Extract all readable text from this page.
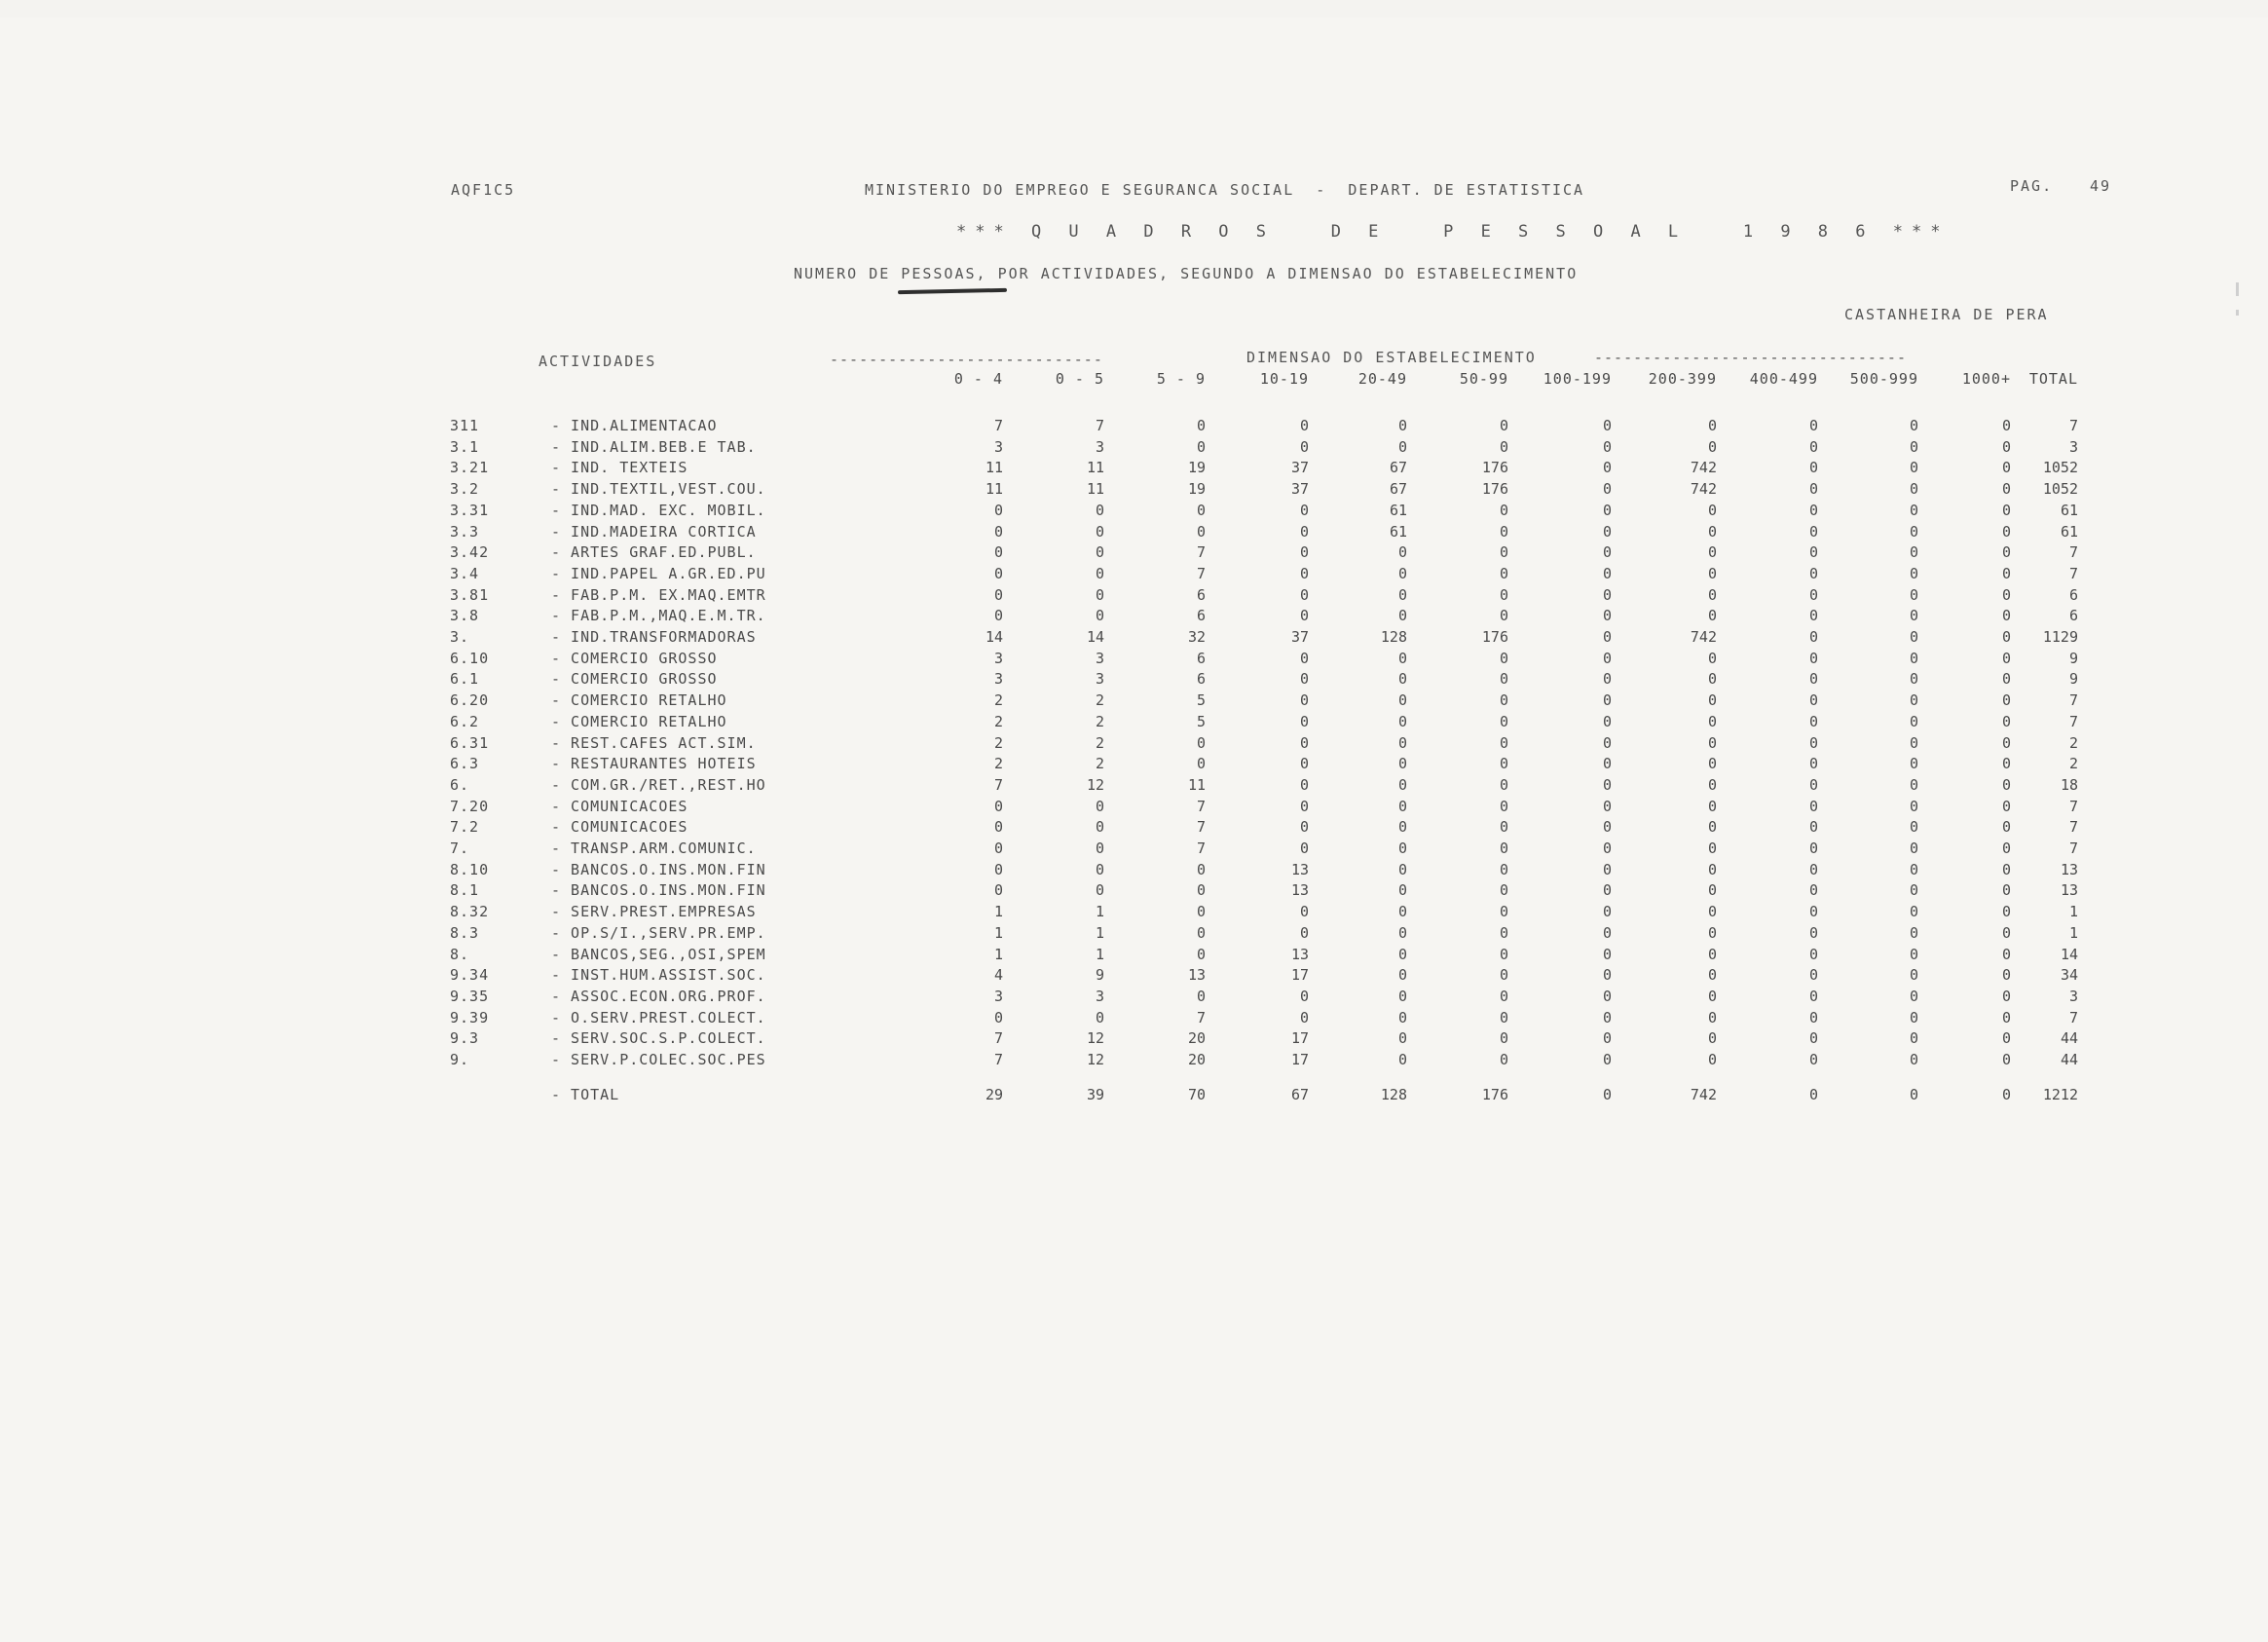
AQF1C5	MINISTERIO DO EMPREGO E SEGURANCA SOCIAL  -  DEPART. DE ESTATISTICA	PAG.	49
*** Q U A D R O S   D E   P E S S O A L   1 9 8 6 ***
NUMERO DE PESSOAS, POR ACTIVIDADES, SEGUNDO A DIMENSAO DO ESTABELECIMENTO
CASTANHEIRA DE PERA
ACTIVIDADES	----------------------------	DIMENSAO DO ESTABELECIMENTO	--------------------------------
0 - 4	0 - 5	5 - 9	10-19	20-49	50-99	100-199	200-399	400-499	500-999	1000+	TOTAL
311	- IND.ALIMENTACAO	7	7	0	0	0	0	0	0	0	0	0	7
3.1	- IND.ALIM.BEB.E TAB.	3	3	0	0	0	0	0	0	0	0	0	3
3.21	- IND. TEXTEIS	11	11	19	37	67	176	0	742	0	0	0	1052
3.2	- IND.TEXTIL,VEST.COU.	11	11	19	37	67	176	0	742	0	0	0	1052
3.31	- IND.MAD. EXC. MOBIL.	0	0	0	0	61	0	0	0	0	0	0	61
3.3	- IND.MADEIRA CORTICA	0	0	0	0	61	0	0	0	0	0	0	61
3.42	- ARTES GRAF.ED.PUBL.	0	0	7	0	0	0	0	0	0	0	0	7
3.4	- IND.PAPEL A.GR.ED.PU	0	0	7	0	0	0	0	0	0	0	0	7
3.81	- FAB.P.M. EX.MAQ.EMTR	0	0	6	0	0	0	0	0	0	0	0	6
3.8	- FAB.P.M.,MAQ.E.M.TR.	0	0	6	0	0	0	0	0	0	0	0	6
3.	- IND.TRANSFORMADORAS	14	14	32	37	128	176	0	742	0	0	0	1129
6.10	- COMERCIO GROSSO	3	3	6	0	0	0	0	0	0	0	0	9
6.1	- COMERCIO GROSSO	3	3	6	0	0	0	0	0	0	0	0	9
6.20	- COMERCIO RETALHO	2	2	5	0	0	0	0	0	0	0	0	7
6.2	- COMERCIO RETALHO	2	2	5	0	0	0	0	0	0	0	0	7
6.31	- REST.CAFES ACT.SIM.	2	2	0	0	0	0	0	0	0	0	0	2
6.3	- RESTAURANTES HOTEIS	2	2	0	0	0	0	0	0	0	0	0	2
6.	- COM.GR./RET.,REST.HO	7	12	11	0	0	0	0	0	0	0	0	18
7.20	- COMUNICACOES	0	0	7	0	0	0	0	0	0	0	0	7
7.2	- COMUNICACOES	0	0	7	0	0	0	0	0	0	0	0	7
7.	- TRANSP.ARM.COMUNIC.	0	0	7	0	0	0	0	0	0	0	0	7
8.10	- BANCOS.O.INS.MON.FIN	0	0	0	13	0	0	0	0	0	0	0	13
8.1	- BANCOS.O.INS.MON.FIN	0	0	0	13	0	0	0	0	0	0	0	13
8.32	- SERV.PREST.EMPRESAS	1	1	0	0	0	0	0	0	0	0	0	1
8.3	- OP.S/I.,SERV.PR.EMP.	1	1	0	0	0	0	0	0	0	0	0	1
8.	- BANCOS,SEG.,OSI,SPEM	1	1	0	13	0	0	0	0	0	0	0	14
9.34	- INST.HUM.ASSIST.SOC.	4	9	13	17	0	0	0	0	0	0	0	34
9.35	- ASSOC.ECON.ORG.PROF.	3	3	0	0	0	0	0	0	0	0	0	3
9.39	- O.SERV.PREST.COLECT.	0	0	7	0	0	0	0	0	0	0	0	7
9.3	- SERV.SOC.S.P.COLECT.	7	12	20	17	0	0	0	0	0	0	0	44
9.	- SERV.P.COLEC.SOC.PES	7	12	20	17	0	0	0	0	0	0	0	44
- TOTAL	29	39	70	67	128	176	0	742	0	0	0	1212
